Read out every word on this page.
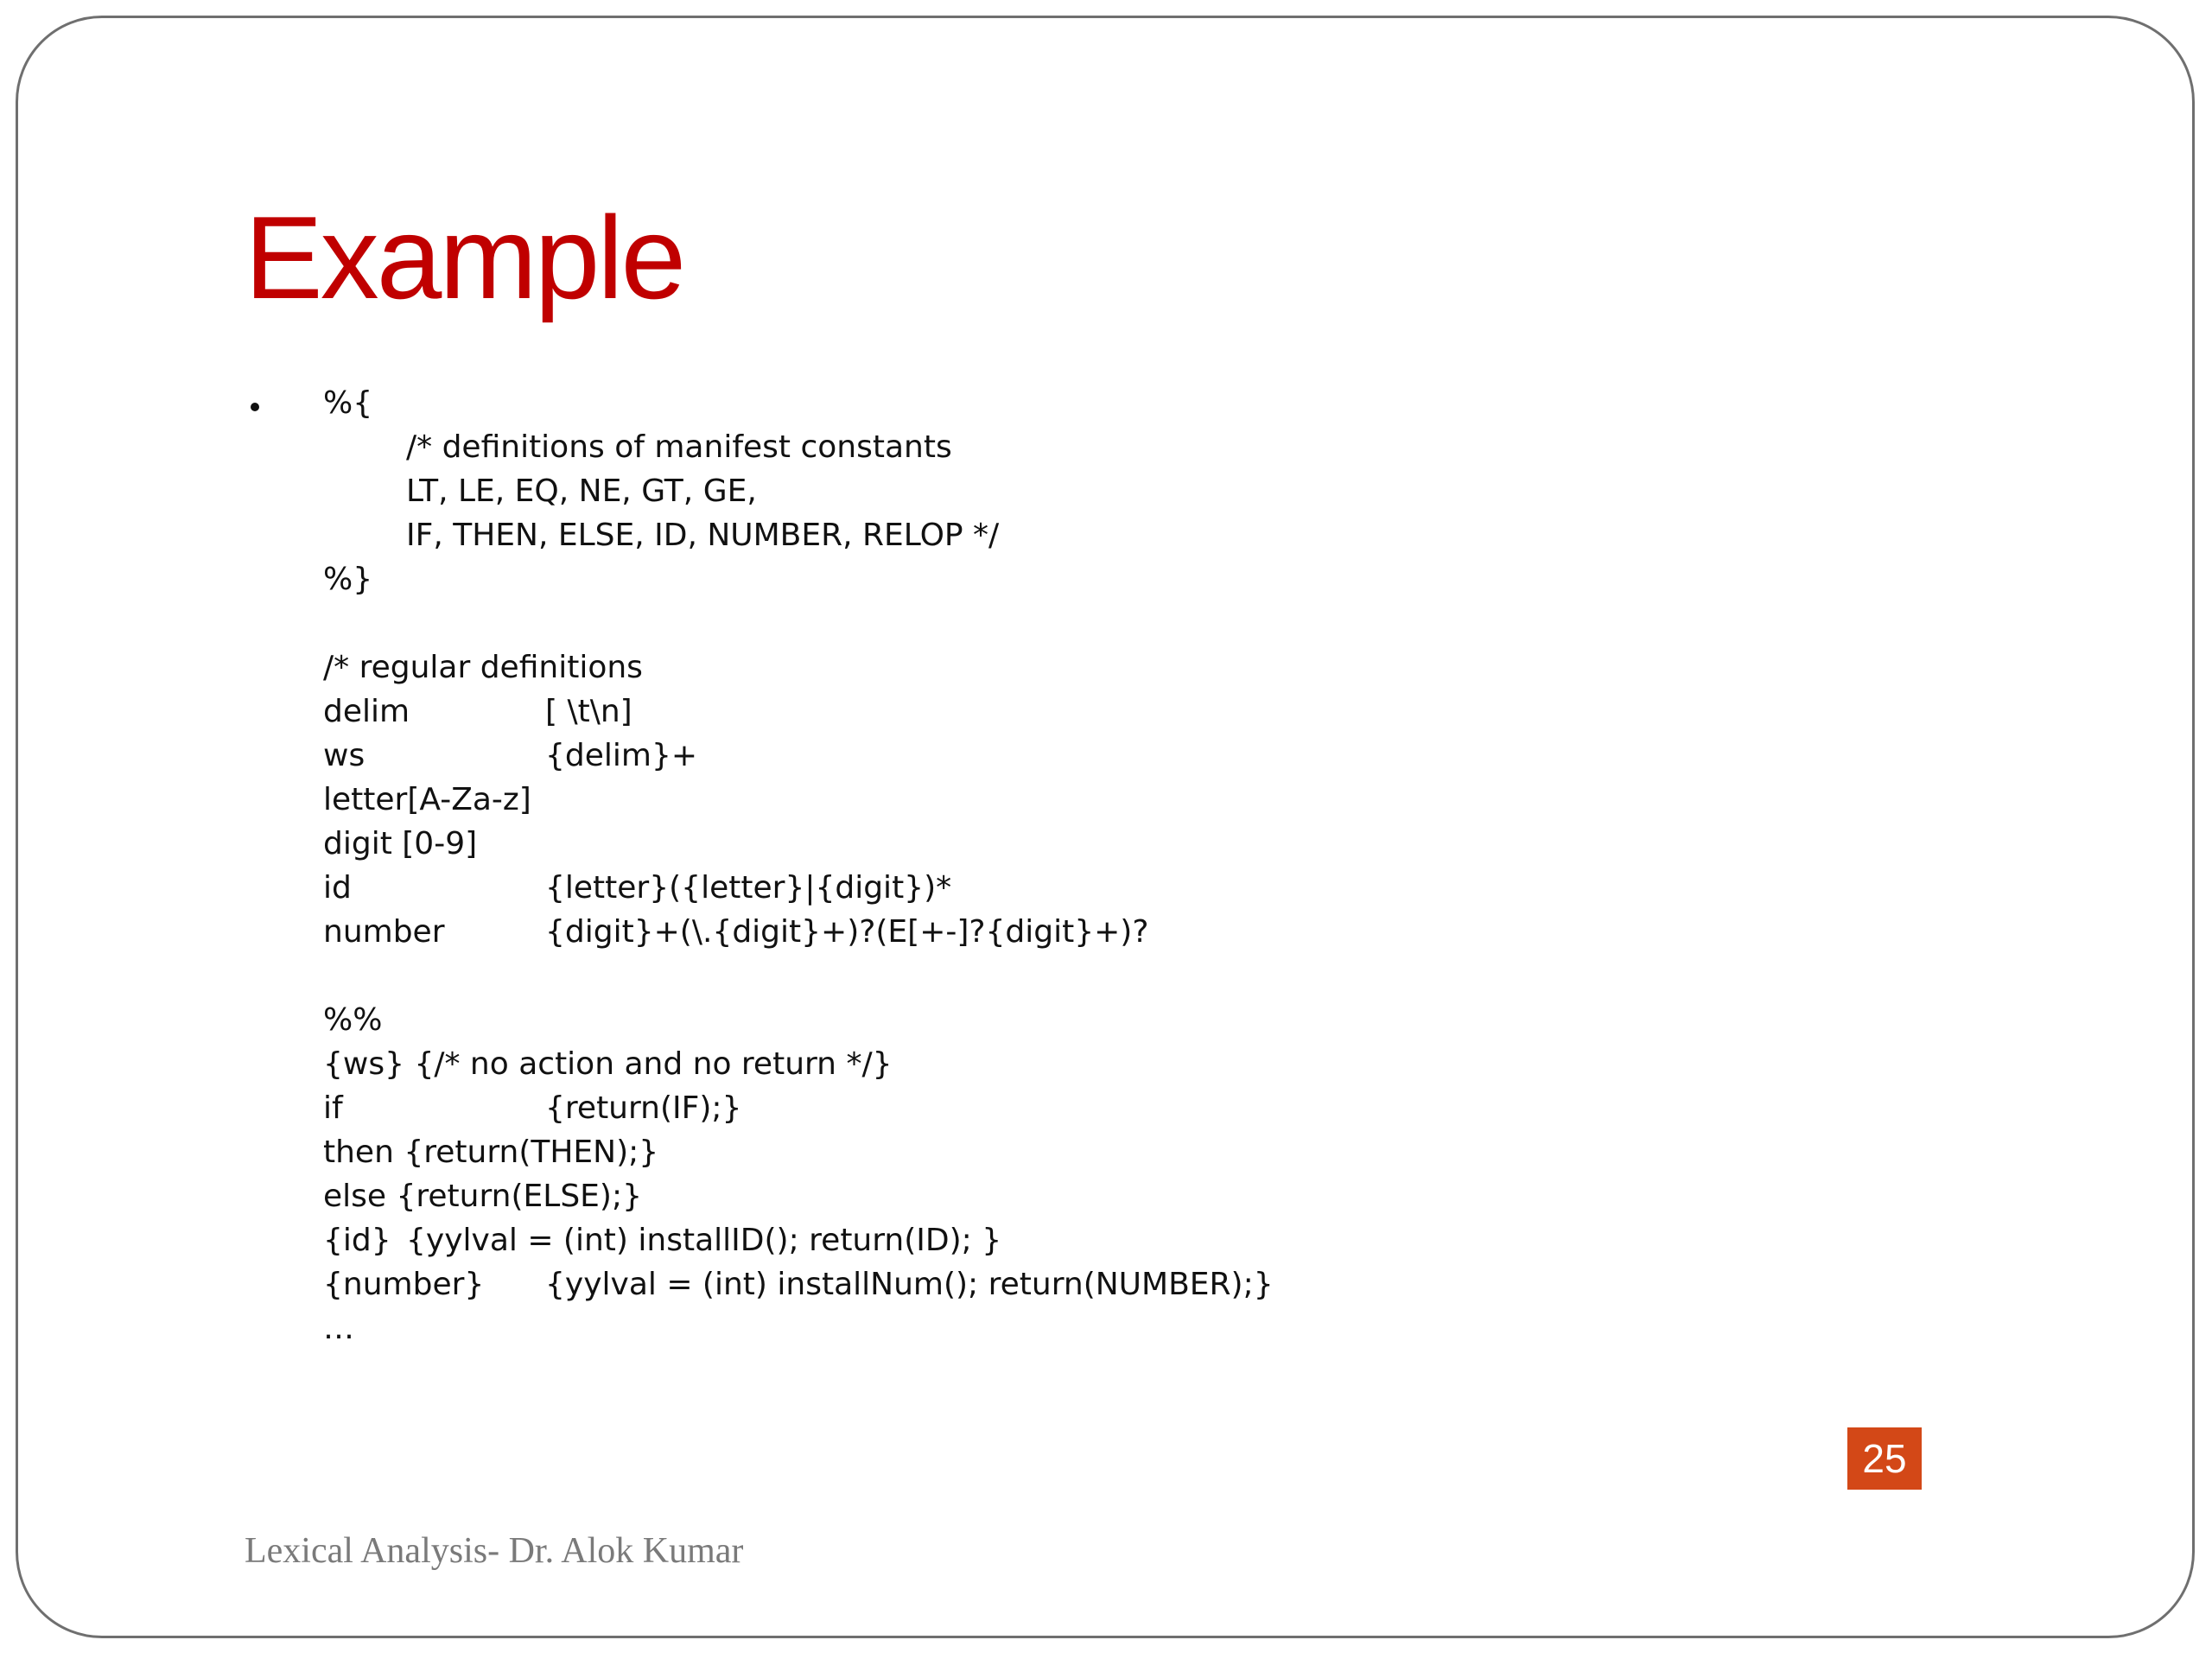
Example
%{
/* definitions of manifest constants
LT, LE, EQ, NE, GT, GE,
IF, THEN, ELSE, ID, NUMBER, RELOP */
%}
/* regular definitions
delim	[ \t\n]
ws	{delim}+
letter[A-Za-z]
digit [0-9]
id	{letter}({letter}|{digit})*
number	{digit}+(\.{digit}+)?(E[+-]?{digit}+)?
%%
{ws} {/* no action and no return */}
if	{return(IF);}
then {return(THEN);}
else {return(ELSE);}
{id} {yylval = (int) installID(); return(ID); }
{number} {yylval = (int) installNum(); return(NUMBER);}
…
25
Lexical Analysis- Dr. Alok Kumar
